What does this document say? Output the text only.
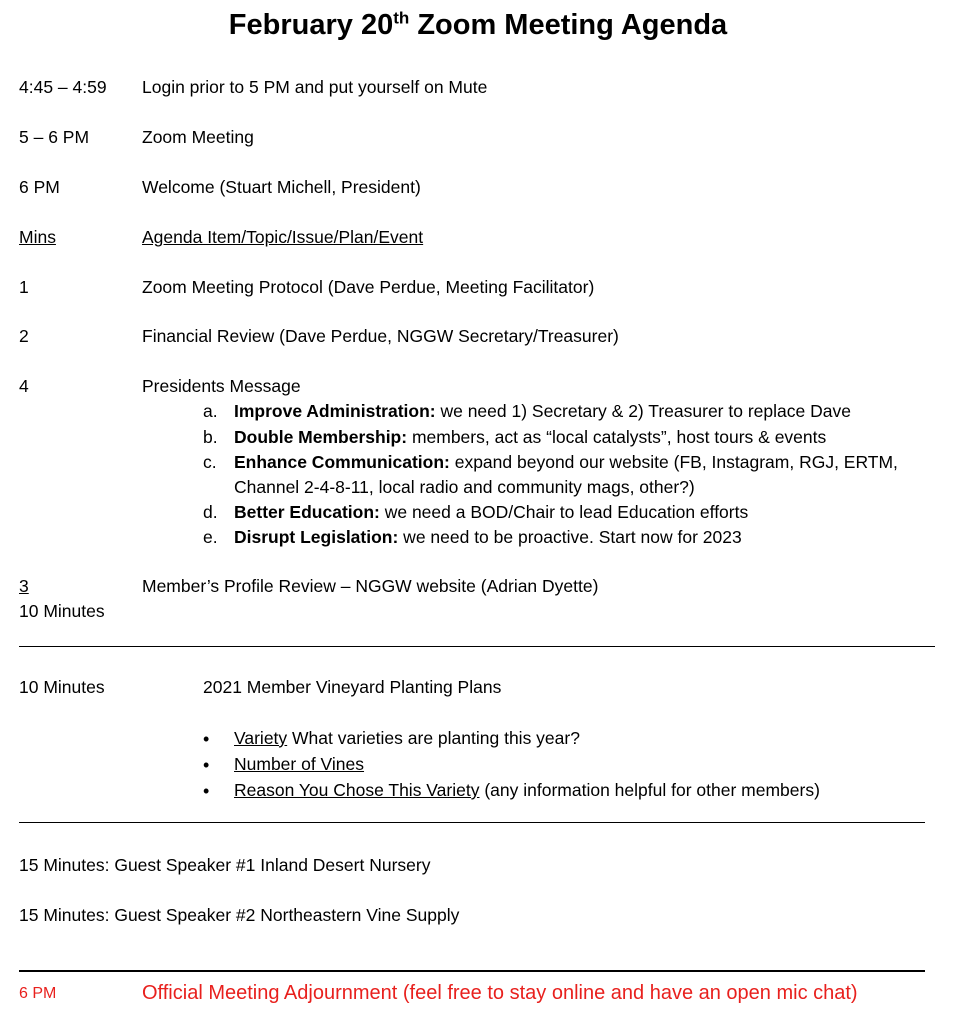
February 20th Zoom Meeting Agenda
4:45 – 4:59 Login prior to 5 PM and put yourself on Mute
5 – 6 PM	Zoom Meeting
6 PM	Welcome (Stuart Michell, President)
Mins	Agenda Item/Topic/Issue/Plan/Event
1	Zoom Meeting Protocol (Dave Perdue, Meeting Facilitator)
2	Financial Review (Dave Perdue, NGGW Secretary/Treasurer)
4	Presidents Message
a. Improve Administration: we need 1) Secretary & 2) Treasurer to replace Dave
b. Double Membership: members, act as “local catalysts”, host tours & events
c. Enhance Communication: expand beyond our website (FB, Instagram, RGJ, ERTM,
Channel 2-4-8-11, local radio and community mags, other?)
d. Better Education: we need a BOD/Chair to lead Education efforts
e. Disrupt Legislation: we need to be proactive. Start now for 2023
3	Member’s Profile Review – NGGW website (Adrian Dyette)
10 Minutes
10 Minutes	2021 Member Vineyard Planting Plans
• Variety What varieties are planting this year?
• Number of Vines
• Reason You Chose This Variety (any information helpful for other members)
15 Minutes: Guest Speaker #1 Inland Desert Nursery
15 Minutes: Guest Speaker #2 Northeastern Vine Supply
6 PM	Official Meeting Adjournment (feel free to stay online and have an open mic chat)
